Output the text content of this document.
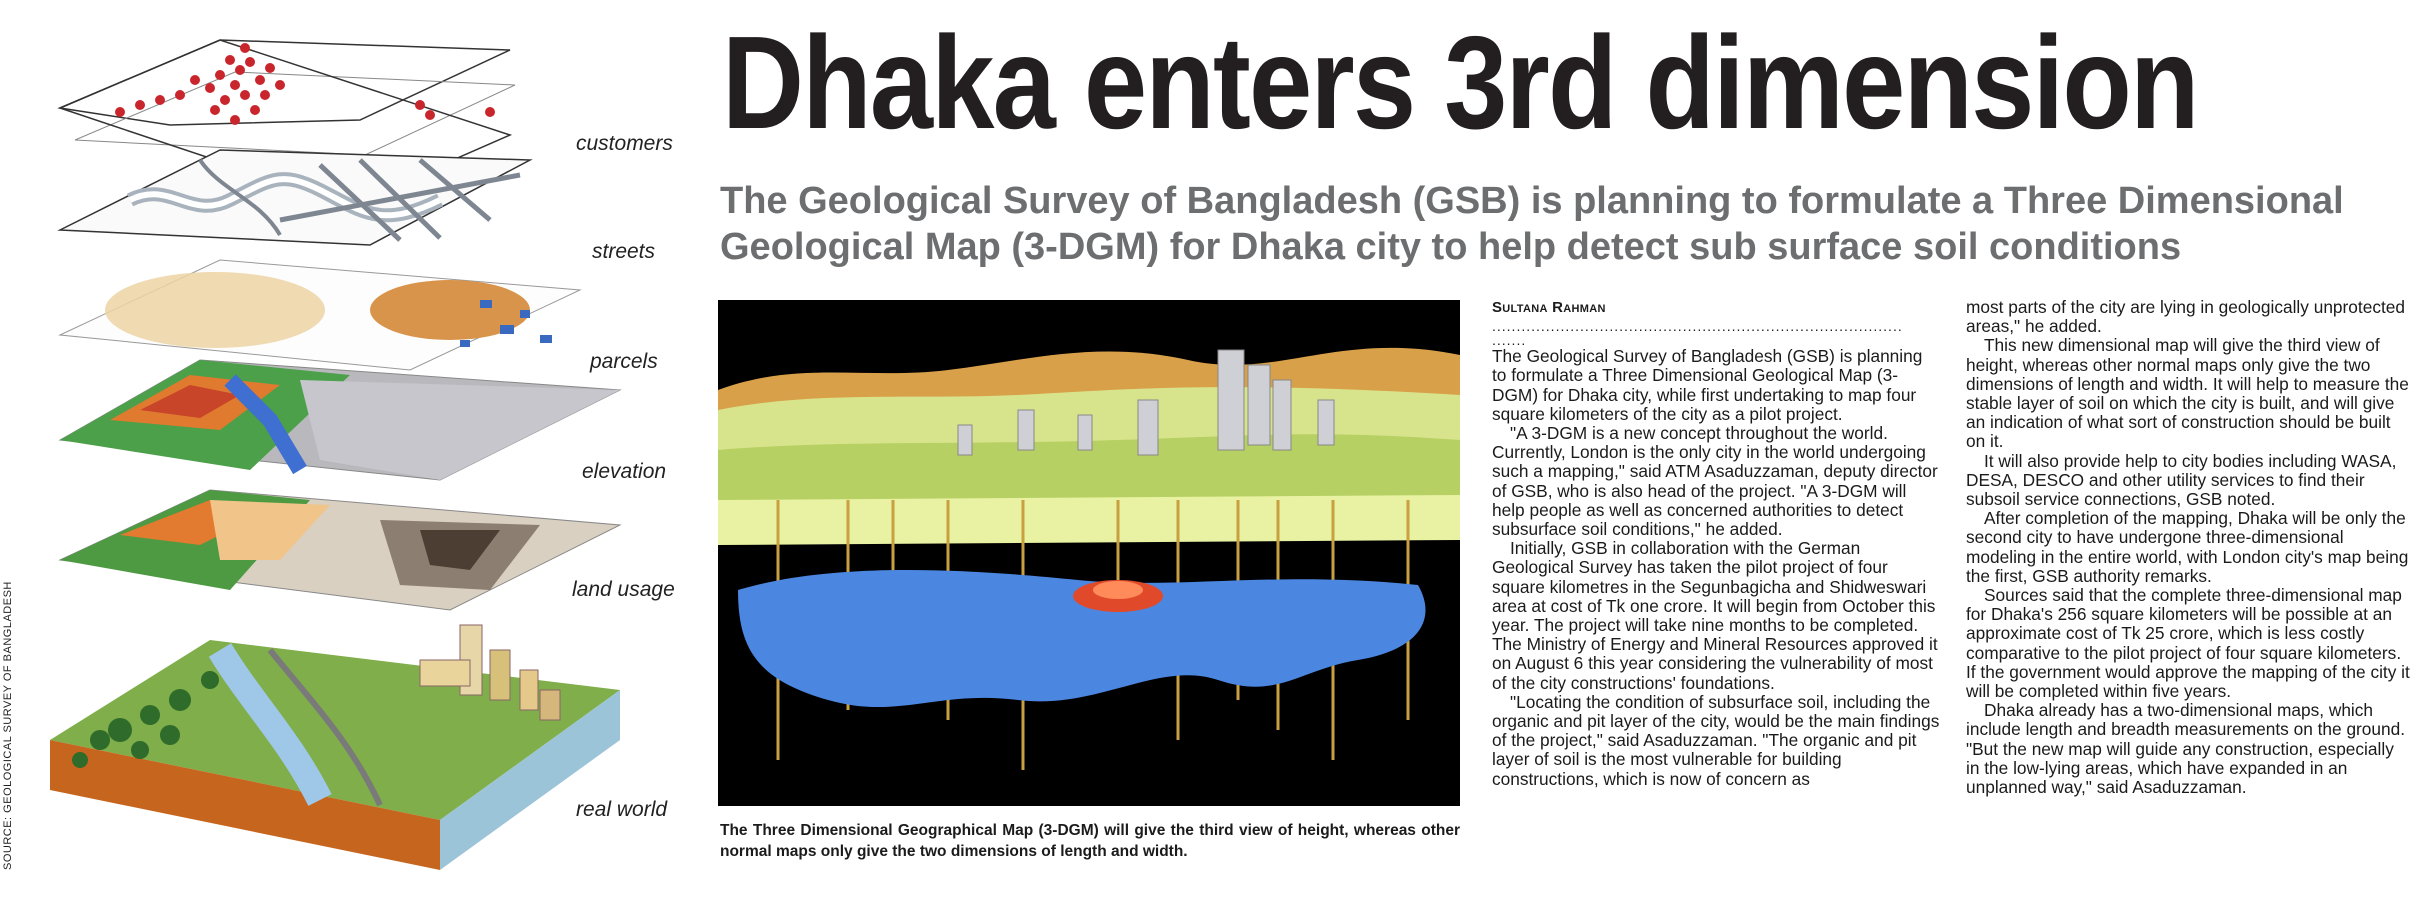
customers
streets
parcels
elevation
land usage
real world
SOURCE: GEOLOGICAL SURVEY OF BANGLADESH
Dhaka enters 3rd dimension
The Geological Survey of Bangladesh (GSB) is planning to formulate a Three Dimensional Geological Map (3-DGM) for Dhaka city to help detect sub surface soil conditions
The Three Dimensional Geographical Map (3-DGM) will give the third view of height, whereas other normal maps only give the two dimensions of length and width.
Sultana Rahman
....................................................................................
.......

The Geological Survey of Bangladesh (GSB) is planning to formulate a Three Dimensional Geological Map (3-DGM) for Dhaka city, while first undertaking to map four square kilometers of the city as a pilot project.

"A 3-DGM is a new concept throughout the world. Currently, London is the only city in the world undergoing such a mapping," said ATM Asaduzzaman, deputy director of GSB, who is also head of the project. "A 3-DGM will help people as well as concerned authorities to detect subsurface soil conditions," he added.

Initially, GSB in collaboration with the German Geological Survey has taken the pilot project of four square kilometres in the Segunbagicha and Shidweswari area at cost of Tk one crore. It will begin from October this year. The project will take nine months to be completed. The Ministry of Energy and Mineral Resources approved it on August 6 this year considering the vulnerability of most of the city constructions' foundations.

"Locating the condition of subsurface soil, including the organic and pit layer of the city, would be the main findings of the project," said Asaduzzaman. "The organic and pit layer of soil is the most vulnerable for building constructions, which is now of concern as

most parts of the city are lying in geologically unprotected areas," he added.

This new dimensional map will give the third view of height, whereas other normal maps only give the two dimensions of length and width. It will help to measure the stable layer of soil on which the city is built, and will give an indication of what sort of construction should be built on it.

It will also provide help to city bodies including WASA, DESA, DESCO and other utility services to find their subsoil service connections, GSB noted.

After completion of the mapping, Dhaka will be only the second city to have undergone three-dimensional modeling in the entire world, with London city's map being the first, GSB authority remarks.

Sources said that the complete three-dimensional map for Dhaka's 256 square kilometers will be possible at an approximate cost of Tk 25 crore, which is less costly comparative to the pilot project of four square kilometers. If the government would approve the mapping of the city it will be completed within five years.

Dhaka already has a two-dimensional maps, which include length and breadth measurements on the ground. "But the new map will guide any construction, especially in the low-lying areas, which have expanded in an unplanned way," said Asaduzzaman.
